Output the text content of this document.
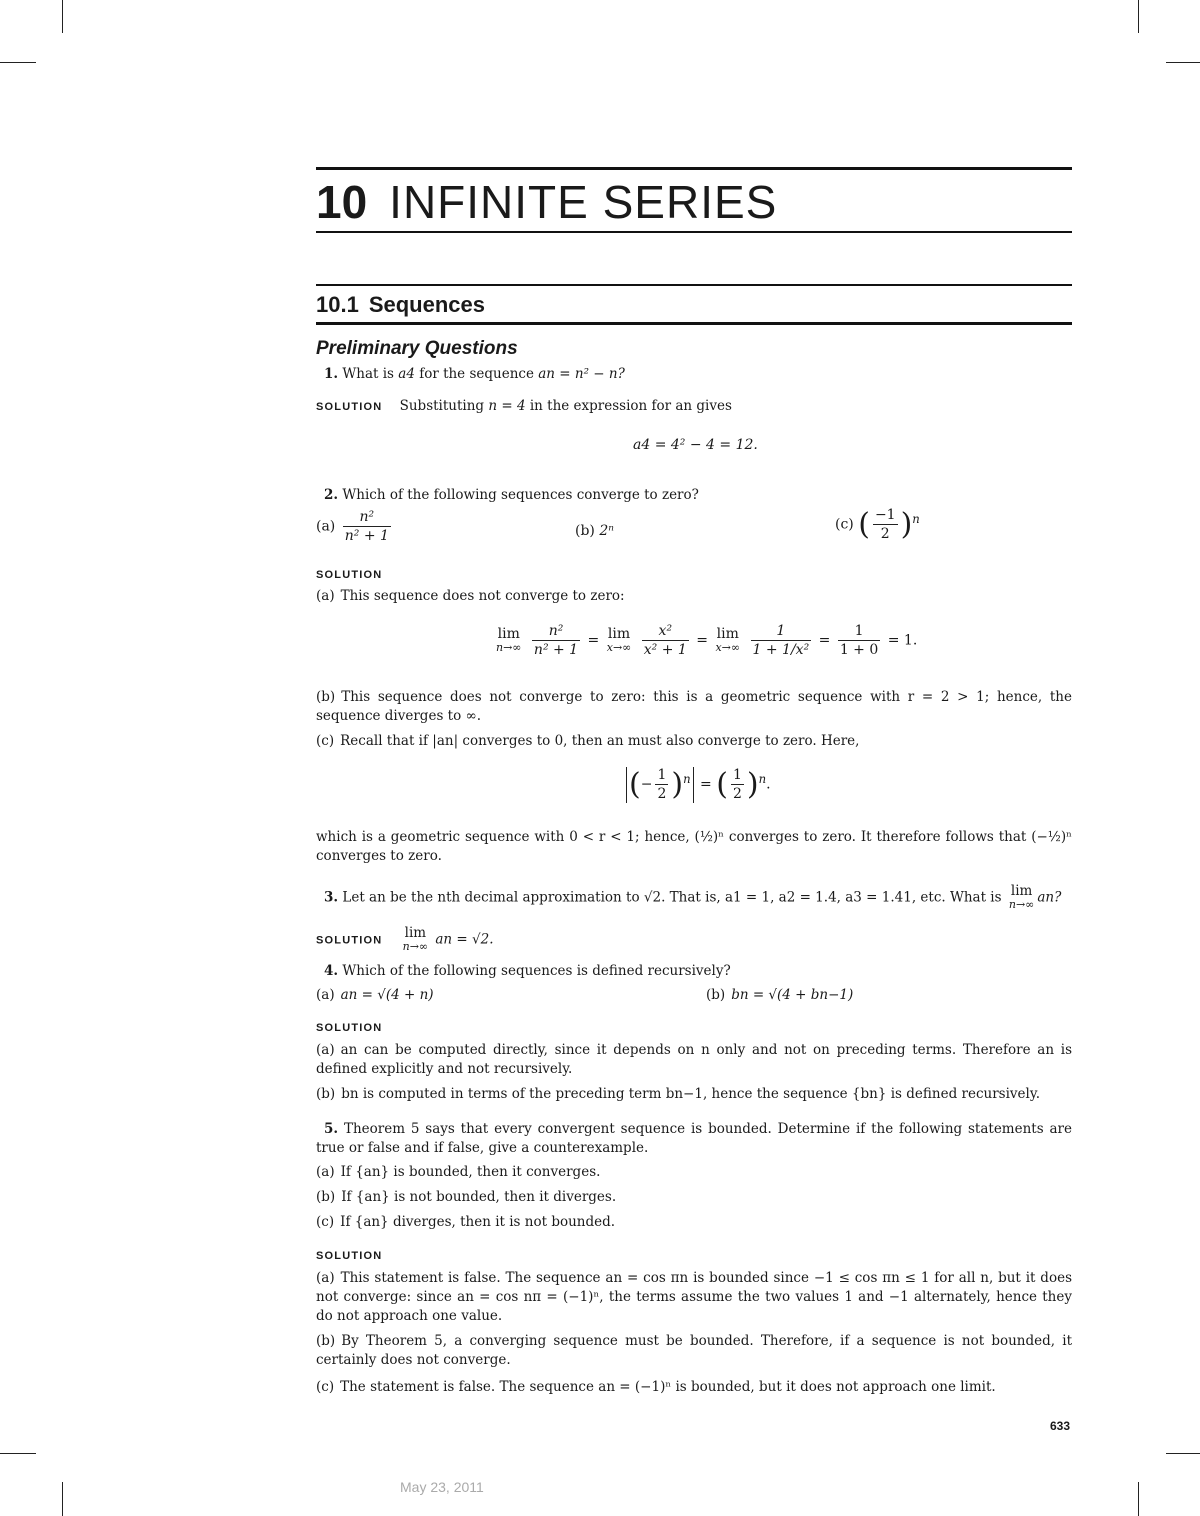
10 INFINITE SERIES
10.1 Sequences
Preliminary Questions
1. What is a4 for the sequence an = n² − n?
SOLUTION Substituting n = 4 in the expression for an gives
a4 = 4² − 4 = 12.
2. Which of the following sequences converge to zero?
$(a) \frac{\text{n²}}{\text{n² + 1}}$	(b) 2ⁿ	(c) ( $\frac{-1}{2} )^n$
SOLUTION
(a) This sequence does not converge to zero:
lim
n→∞
$\frac{\text{n²}}{\text{n² + 1}} = \lim$
x→∞
$\frac{\text{x²}}{\text{x² + 1}} = \lim$
x→∞
$\frac{1}{\text{1 + 1/x²}} = \frac{1}{1 + 0} = 1$.
(b) This sequence does not converge to zero: this is a geometric sequence with r = 2 > 1; hence, the sequence diverges to ∞.
(c) Recall that if |an| converges to 0, then an must also converge to zero. Here,
(− $\frac{1}{2} )^n$ = ( $\frac{1}{2} )^n$.
which is a geometric sequence with 0 < r < 1; hence, (½)ⁿ converges to zero. It therefore follows that (−½)ⁿ converges to zero.
3. Let an be the nth decimal approximation to √2. That is, a1 = 1, a2 = 1.4, a3 = 1.41, etc. What is lim
n→∞ an?
SOLUTION lim
n→∞ an = √2.
4. Which of the following sequences is defined recursively?
(a) an = √(4 + n)	(b) bn = √(4 + bn−1)
SOLUTION
(a) an can be computed directly, since it depends on n only and not on preceding terms. Therefore an is defined explicitly and not recursively.
(b) bn is computed in terms of the preceding term bn−1, hence the sequence {bn} is defined recursively.
5. Theorem 5 says that every convergent sequence is bounded. Determine if the following statements are true or false and if false, give a counterexample.
(a) If {an} is bounded, then it converges.
(b) If {an} is not bounded, then it diverges.
(c) If {an} diverges, then it is not bounded.
SOLUTION
(a) This statement is false. The sequence an = cos πn is bounded since −1 ≤ cos πn ≤ 1 for all n, but it does not converge: since an = cos nπ = (−1)ⁿ, the terms assume the two values 1 and −1 alternately, hence they do not approach one value.
(b) By Theorem 5, a converging sequence must be bounded. Therefore, if a sequence is not bounded, it certainly does not converge.
(c) The statement is false. The sequence an = (−1)ⁿ is bounded, but it does not approach one limit.
633
May 23, 2011
